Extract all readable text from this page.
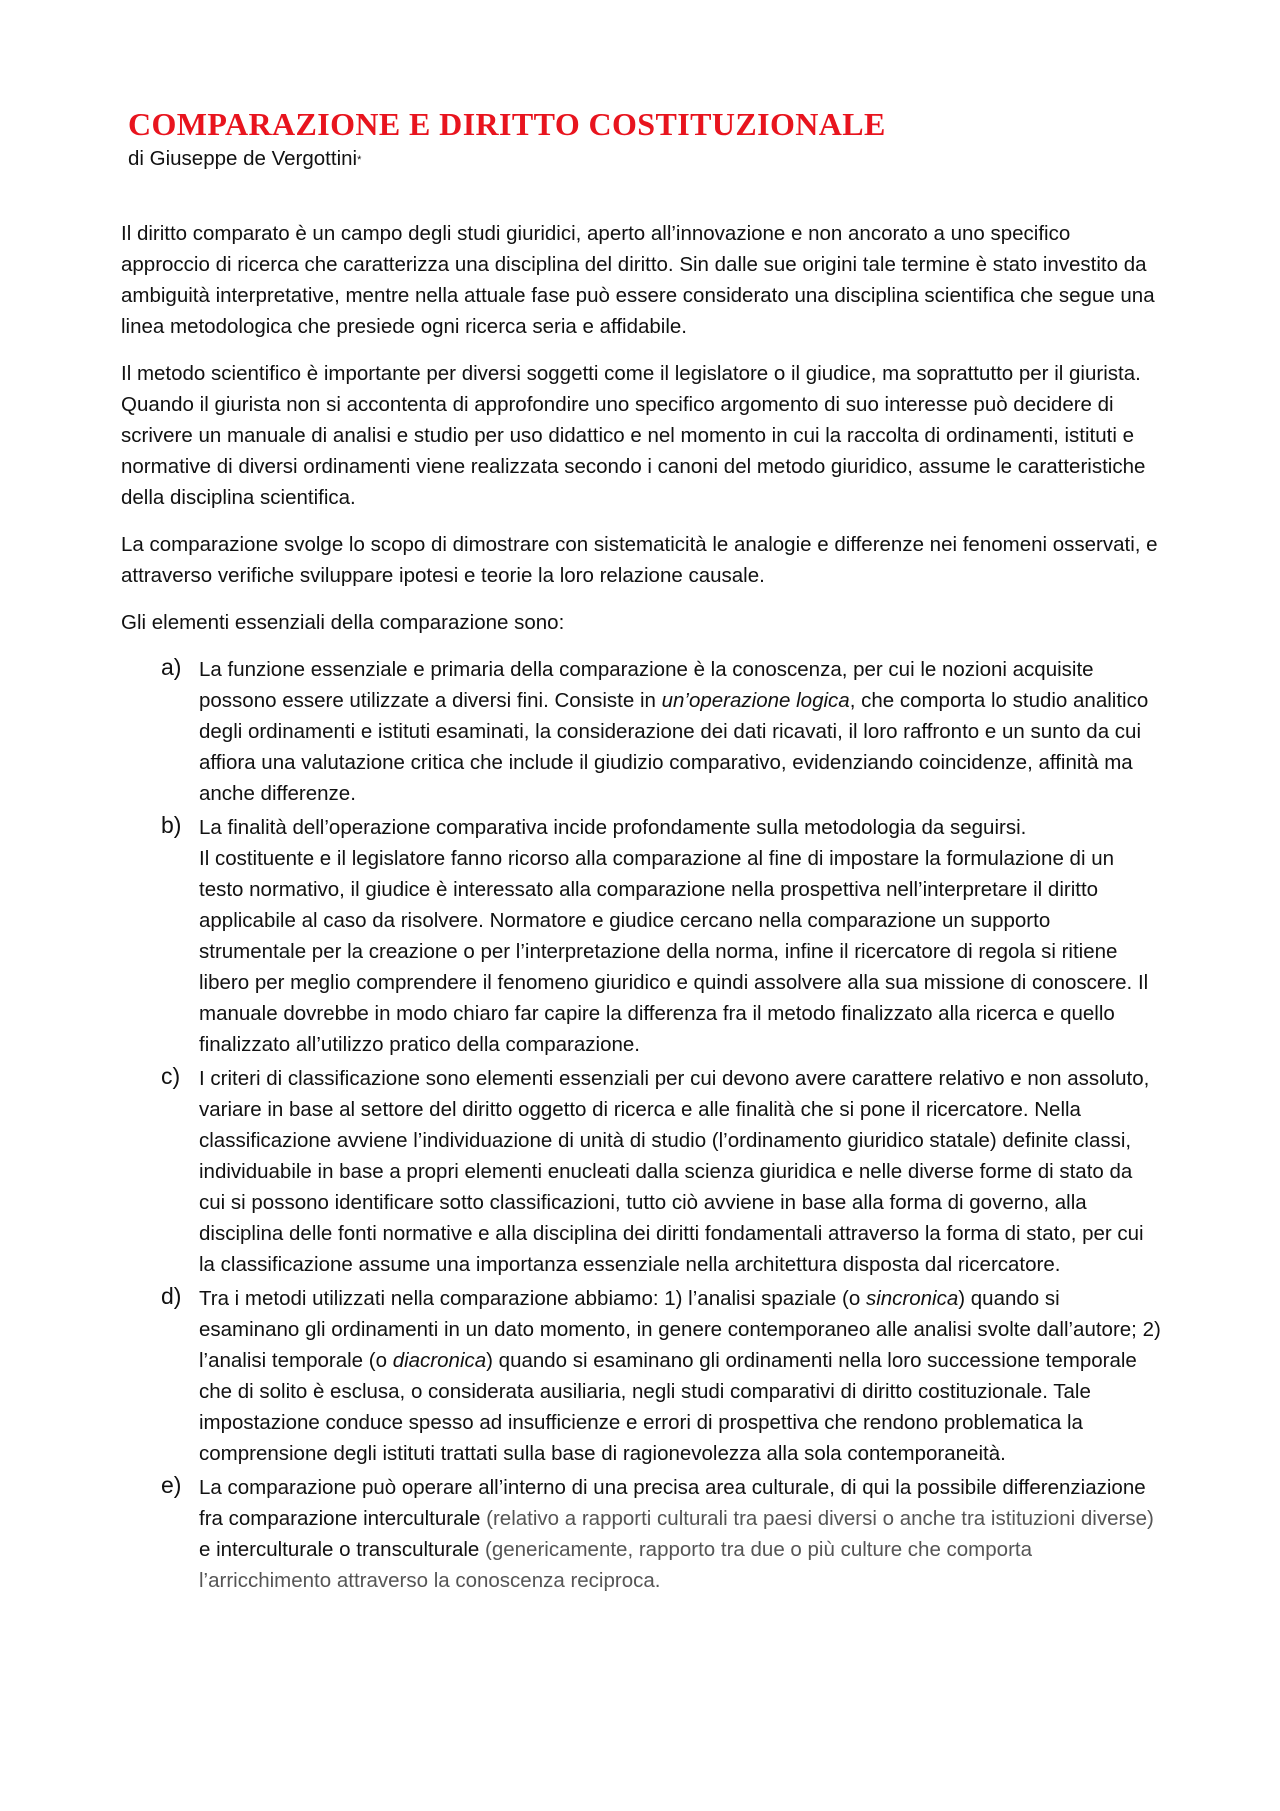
COMPARAZIONE E DIRITTO COSTITUZIONALE
di Giuseppe de Vergottini*

Il diritto comparato è un campo degli studi giuridici, aperto all’innovazione e non ancorato a uno specifico approccio di ricerca che caratterizza una disciplina del diritto. Sin dalle sue origini tale termine è stato investito da ambiguità interpretative, mentre nella attuale fase può essere considerato una disciplina scientifica che segue una linea metodologica che presiede ogni ricerca seria e affidabile.

Il metodo scientifico è importante per diversi soggetti come il legislatore o il giudice, ma soprattutto per il giurista. Quando il giurista non si accontenta di approfondire uno specifico argomento di suo interesse può decidere di scrivere un manuale di analisi e studio per uso didattico e nel momento in cui la raccolta di ordinamenti, istituti e normative di diversi ordinamenti viene realizzata secondo i canoni del metodo giuridico, assume le caratteristiche della disciplina scientifica.

La comparazione svolge lo scopo di dimostrare con sistematicità le analogie e differenze nei fenomeni osservati, e attraverso verifiche sviluppare ipotesi e teorie la loro relazione causale.

Gli elementi essenziali della comparazione sono:

a) La funzione essenziale e primaria della comparazione è la conoscenza, per cui le nozioni acquisite possono essere utilizzate a diversi fini. Consiste in un’operazione logica, che comporta lo studio analitico degli ordinamenti e istituti esaminati, la considerazione dei dati ricavati, il loro raffronto e un sunto da cui affiora una valutazione critica che include il giudizio comparativo, evidenziando coincidenze, affinità ma anche differenze.
b) La finalità dell’operazione comparativa incide profondamente sulla metodologia da seguirsi.
Il costituente e il legislatore fanno ricorso alla comparazione al fine di impostare la formulazione di un testo normativo, il giudice è interessato alla comparazione nella prospettiva nell’interpretare il diritto applicabile al caso da risolvere. Normatore e giudice cercano nella comparazione un supporto strumentale per la creazione o per l’interpretazione della norma, infine il ricercatore di regola si ritiene libero per meglio comprendere il fenomeno giuridico e quindi assolvere alla sua missione di conoscere. Il manuale dovrebbe in modo chiaro far capire la differenza fra il metodo finalizzato alla ricerca e quello finalizzato all’utilizzo pratico della comparazione.
c) I criteri di classificazione sono elementi essenziali per cui devono avere carattere relativo e non assoluto, variare in base al settore del diritto oggetto di ricerca e alle finalità che si pone il ricercatore. Nella classificazione avviene l’individuazione di unità di studio (l’ordinamento giuridico statale) definite classi, individuabile in base a propri elementi enucleati dalla scienza giuridica e nelle diverse forme di stato da cui si possono identificare sotto classificazioni, tutto ciò avviene in base alla forma di governo, alla disciplina delle fonti normative e alla disciplina dei diritti fondamentali attraverso la forma di stato, per cui la classificazione assume una importanza essenziale nella architettura disposta dal ricercatore.
d) Tra i metodi utilizzati nella comparazione abbiamo: 1) l’analisi spaziale (o sincronica) quando si esaminano gli ordinamenti in un dato momento, in genere contemporaneo alle analisi svolte dall’autore; 2) l’analisi temporale (o diacronica) quando si esaminano gli ordinamenti nella loro successione temporale che di solito è esclusa, o considerata ausiliaria, negli studi comparativi di diritto costituzionale. Tale impostazione conduce spesso ad insufficienze e errori di prospettiva che rendono problematica la comprensione degli istituti trattati sulla base di ragionevolezza alla sola contemporaneità.
e) La comparazione può operare all’interno di una precisa area culturale, di qui la possibile differenziazione fra comparazione interculturale (relativo a rapporti culturali tra paesi diversi o anche tra istituzioni diverse) e interculturale o transculturale (genericamente, rapporto tra due o più culture che comporta l’arricchimento attraverso la conoscenza reciproca.
